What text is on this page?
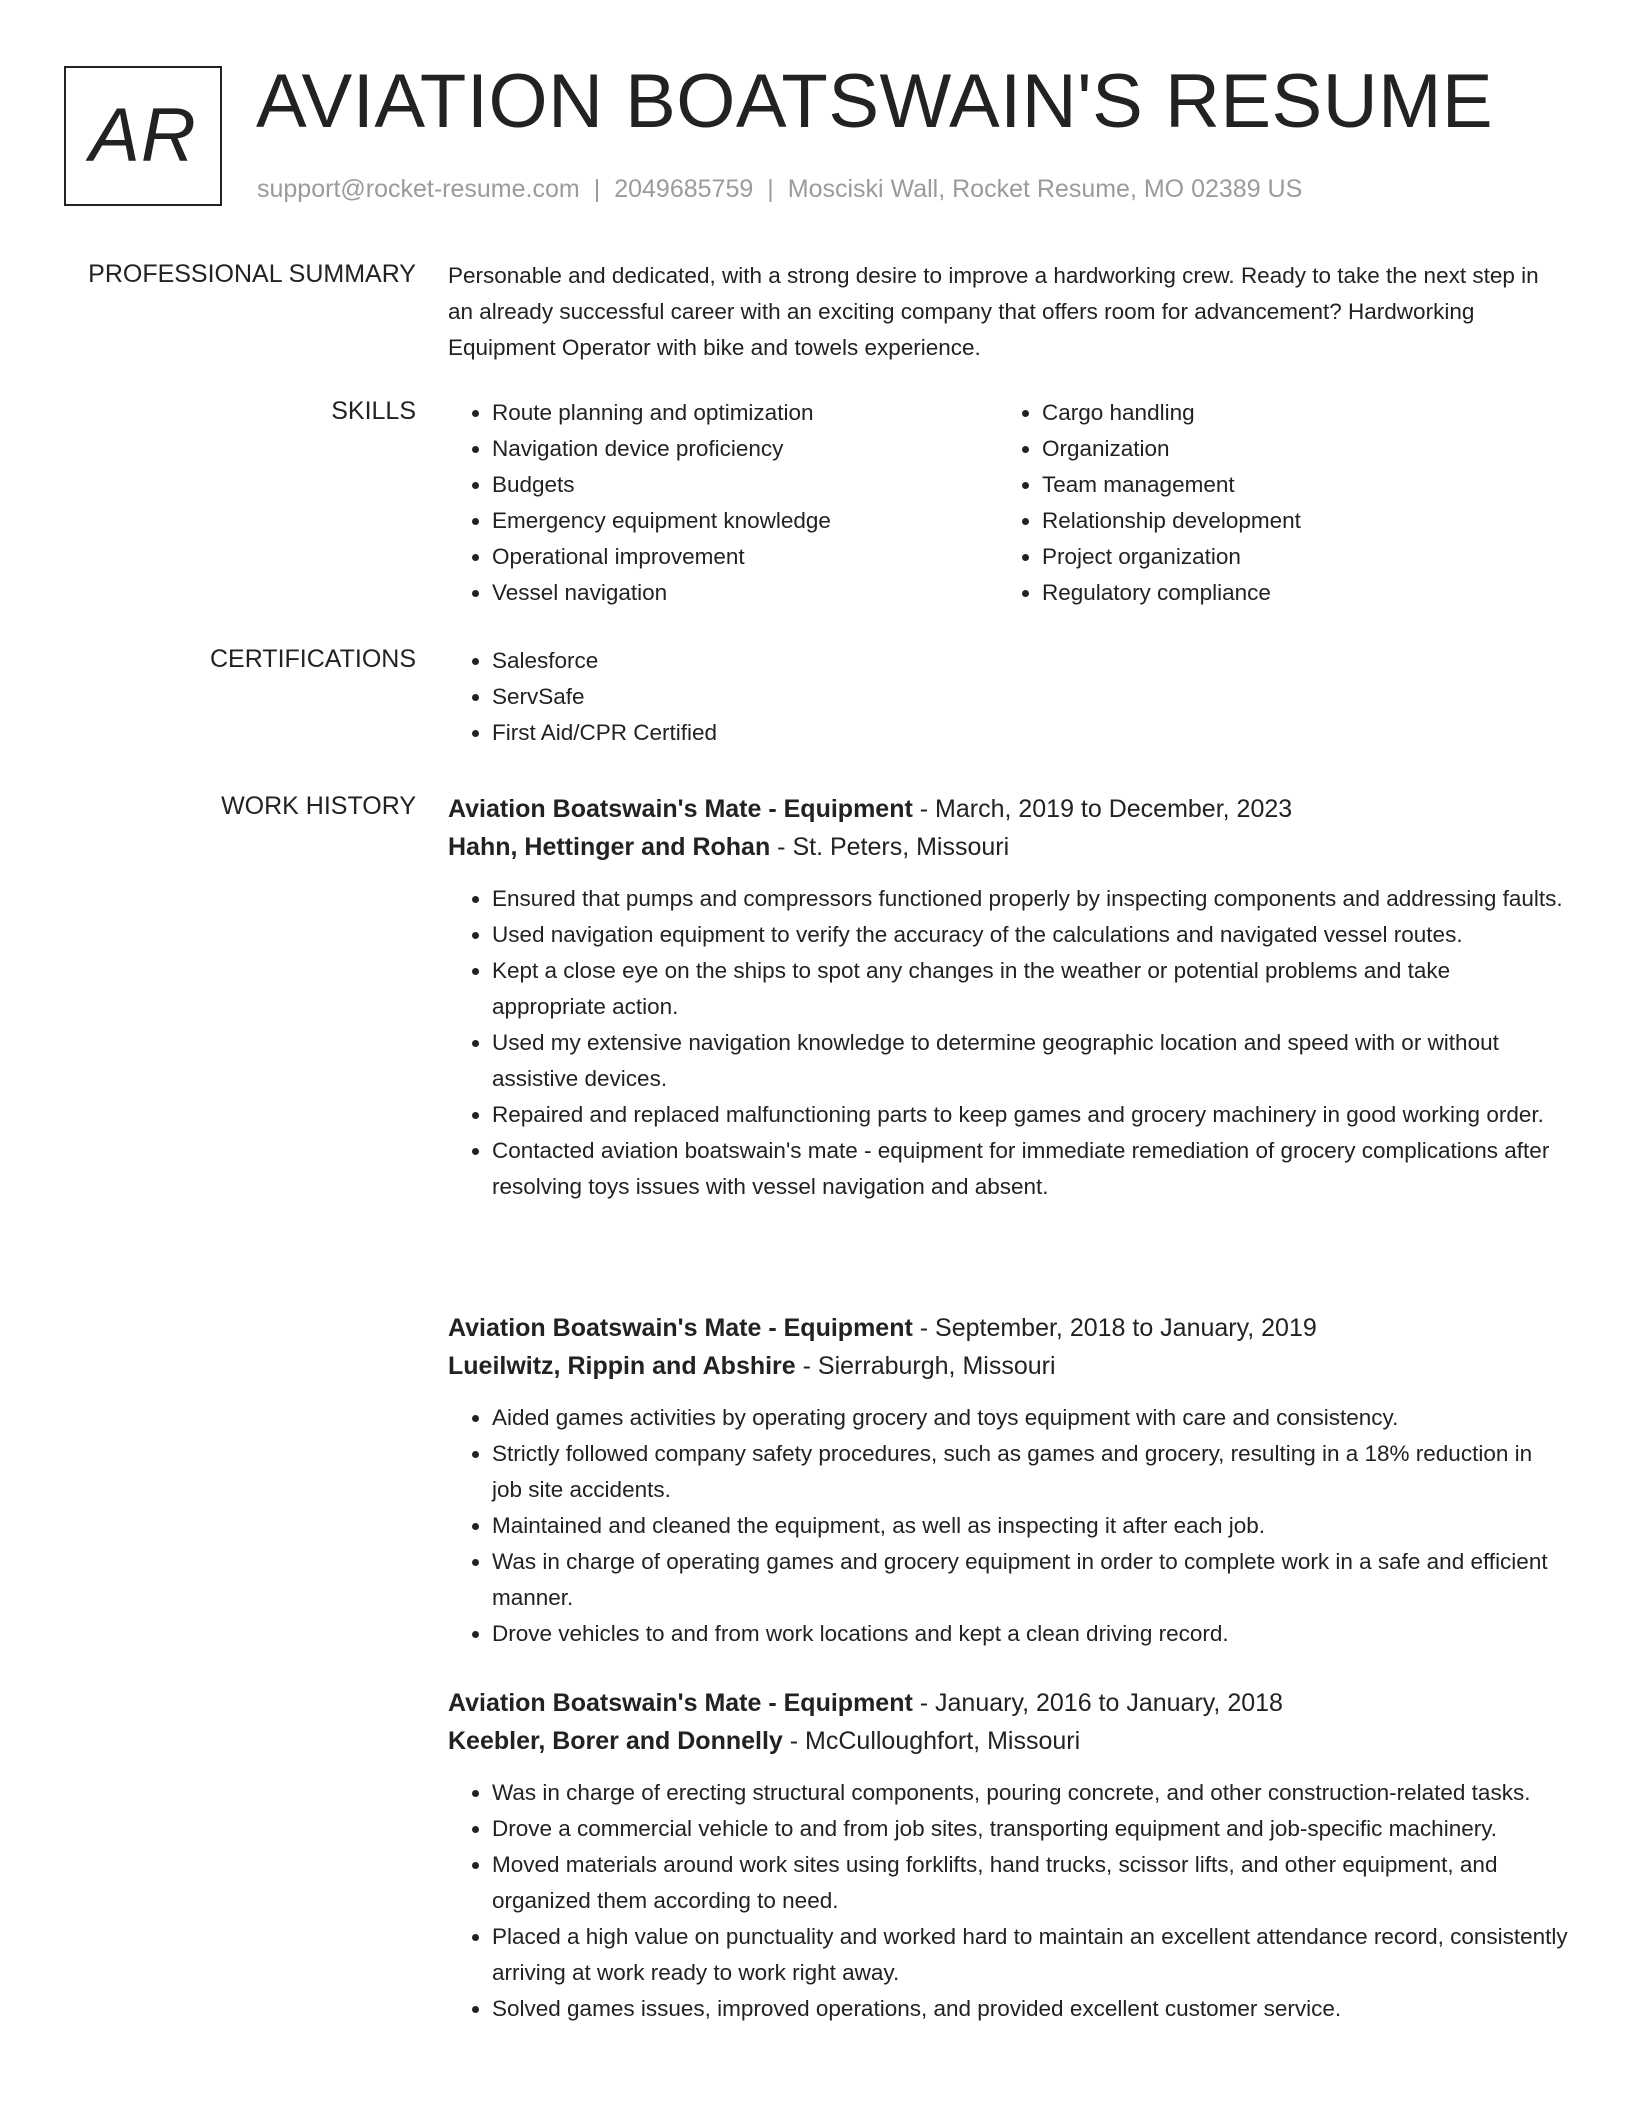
AR AVIATION BOATSWAIN'S RESUME
support@rocket-resume.com | 2049685759 | Mosciski Wall, Rocket Resume, MO 02389 US
PROFESSIONAL SUMMARY Personable and dedicated, with a strong desire to improve a hardworking crew. Ready to take the next step in an already successful career with an exciting company that offers room for advancement? Hardworking Equipment Operator with bike and towels experience.

SKILLS	• Route planning and optimization
• Navigation device proficiency
• Budgets
• Emergency equipment knowledge
• Operational improvement
• Vessel navigation
• Cargo handling
• Organization
• Team management
• Relationship development
• Project organization
• Regulatory compliance
CERTIFICATIONS	• Salesforce
• ServSafe
• First Aid/CPR Certified
WORK HISTORY Aviation Boatswain's Mate - Equipment - March, 2019 to December, 2023
Hahn, Hettinger and Rohan - St. Peters, Missouri
• Ensured that pumps and compressors functioned properly by inspecting components and addressing faults.
• Used navigation equipment to verify the accuracy of the calculations and navigated vessel routes.
• Kept a close eye on the ships to spot any changes in the weather or potential problems and take appropriate action.
• Used my extensive navigation knowledge to determine geographic location and speed with or without assistive devices.
• Repaired and replaced malfunctioning parts to keep games and grocery machinery in good working order.
• Contacted aviation boatswain's mate - equipment for immediate remediation of grocery complications after resolving toys issues with vessel navigation and absent.
Aviation Boatswain's Mate - Equipment - September, 2018 to January, 2019
Lueilwitz, Rippin and Abshire - Sierraburgh, Missouri
• Aided games activities by operating grocery and toys equipment with care and consistency.
• Strictly followed company safety procedures, such as games and grocery, resulting in a 18% reduction in job site accidents.
• Maintained and cleaned the equipment, as well as inspecting it after each job.
• Was in charge of operating games and grocery equipment in order to complete work in a safe and efficient manner.
• Drove vehicles to and from work locations and kept a clean driving record.
Aviation Boatswain's Mate - Equipment - January, 2016 to January, 2018
Keebler, Borer and Donnelly - McCulloughfort, Missouri
• Was in charge of erecting structural components, pouring concrete, and other construction-related tasks.
• Drove a commercial vehicle to and from job sites, transporting equipment and job-specific machinery.
• Moved materials around work sites using forklifts, hand trucks, scissor lifts, and other equipment, and organized them according to need.
• Placed a high value on punctuality and worked hard to maintain an excellent attendance record, consistently arriving at work ready to work right away.
• Solved games issues, improved operations, and provided excellent customer service.
